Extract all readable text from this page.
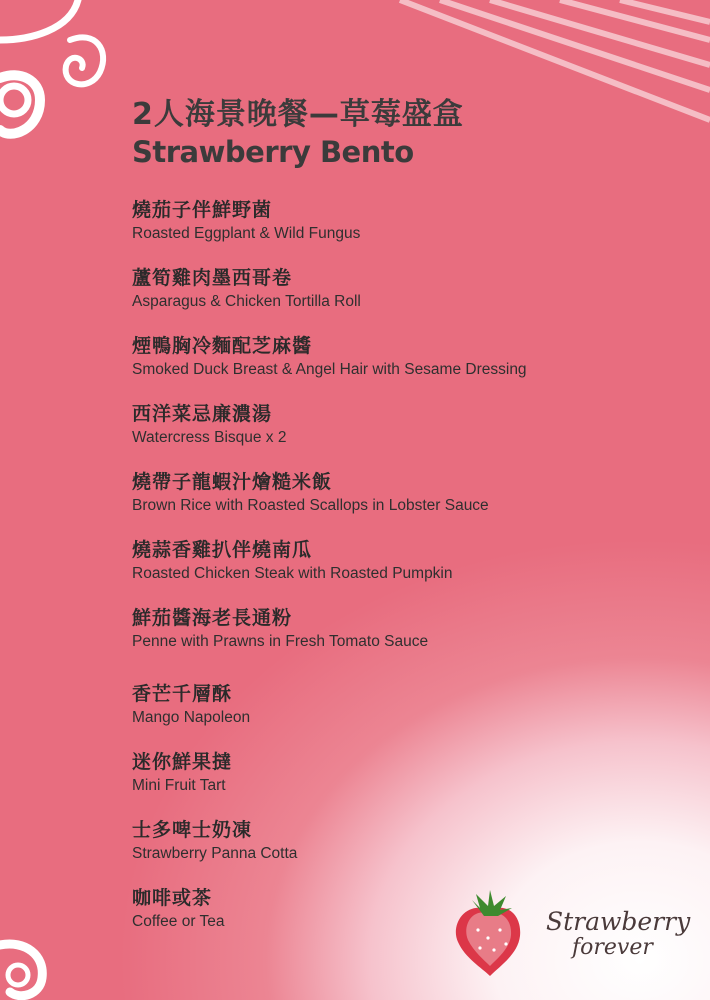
2人海景晚餐—草莓盛盒
Strawberry Bento
燒茄子伴鮮野菌
Roasted Eggplant & Wild Fungus
蘆筍雞肉墨西哥卷
Asparagus & Chicken Tortilla Roll
煙鴨胸冷麵配芝麻醬
Smoked Duck Breast & Angel Hair with Sesame Dressing
西洋菜忌廉濃湯
Watercress Bisque x 2
燒帶子龍蝦汁燴糙米飯
Brown Rice with Roasted Scallops in Lobster Sauce
燒蒜香雞扒伴燒南瓜
Roasted Chicken Steak with Roasted Pumpkin
鮮茄醬海老長通粉
Penne with Prawns in Fresh Tomato Sauce
香芒千層酥
Mango Napoleon
迷你鮮果撻
Mini Fruit Tart
士多啤士奶凍
Strawberry Panna Cotta
咖啡或茶
Coffee or Tea	Strawberry
forever
